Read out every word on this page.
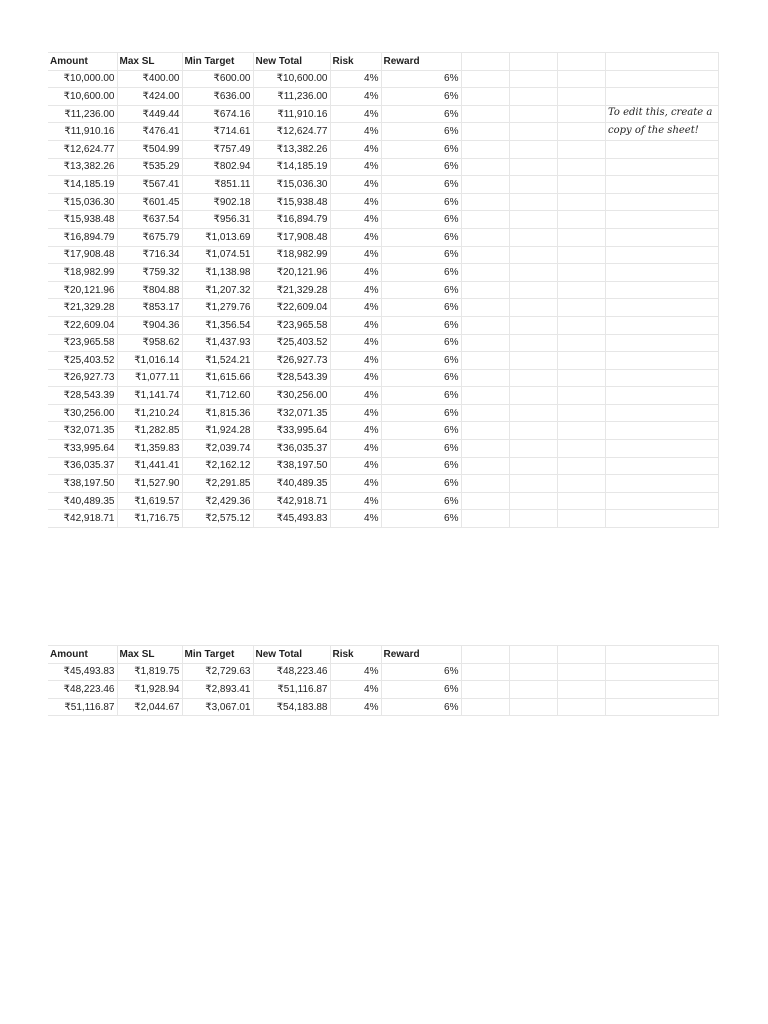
Amount	Max SL	Min Target	New Total	Risk	Reward				
₹10,000.00	₹400.00	₹600.00	₹10,600.00	4%	6%				
₹10,600.00	₹424.00	₹636.00	₹11,236.00	4%	6%				
₹11,236.00	₹449.44	₹674.16	₹11,910.16	4%	6%				
₹11,910.16	₹476.41	₹714.61	₹12,624.77	4%	6%				
₹12,624.77	₹504.99	₹757.49	₹13,382.26	4%	6%				
₹13,382.26	₹535.29	₹802.94	₹14,185.19	4%	6%				
₹14,185.19	₹567.41	₹851.11	₹15,036.30	4%	6%				
₹15,036.30	₹601.45	₹902.18	₹15,938.48	4%	6%				
₹15,938.48	₹637.54	₹956.31	₹16,894.79	4%	6%				
₹16,894.79	₹675.79	₹1,013.69	₹17,908.48	4%	6%				
₹17,908.48	₹716.34	₹1,074.51	₹18,982.99	4%	6%				
₹18,982.99	₹759.32	₹1,138.98	₹20,121.96	4%	6%				
₹20,121.96	₹804.88	₹1,207.32	₹21,329.28	4%	6%				
₹21,329.28	₹853.17	₹1,279.76	₹22,609.04	4%	6%				
₹22,609.04	₹904.36	₹1,356.54	₹23,965.58	4%	6%				
₹23,965.58	₹958.62	₹1,437.93	₹25,403.52	4%	6%				
₹25,403.52	₹1,016.14	₹1,524.21	₹26,927.73	4%	6%				
₹26,927.73	₹1,077.11	₹1,615.66	₹28,543.39	4%	6%				
₹28,543.39	₹1,141.74	₹1,712.60	₹30,256.00	4%	6%				
₹30,256.00	₹1,210.24	₹1,815.36	₹32,071.35	4%	6%				
₹32,071.35	₹1,282.85	₹1,924.28	₹33,995.64	4%	6%				
₹33,995.64	₹1,359.83	₹2,039.74	₹36,035.37	4%	6%				
₹36,035.37	₹1,441.41	₹2,162.12	₹38,197.50	4%	6%				
₹38,197.50	₹1,527.90	₹2,291.85	₹40,489.35	4%	6%				
₹40,489.35	₹1,619.57	₹2,429.36	₹42,918.71	4%	6%				
₹42,918.71	₹1,716.75	₹2,575.12	₹45,493.83	4%	6%				
To edit this, create a copy of the sheet!
Amount	Max SL	Min Target	New Total	Risk	Reward				
₹45,493.83	₹1,819.75	₹2,729.63	₹48,223.46	4%	6%				
₹48,223.46	₹1,928.94	₹2,893.41	₹51,116.87	4%	6%				
₹51,116.87	₹2,044.67	₹3,067.01	₹54,183.88	4%	6%				
